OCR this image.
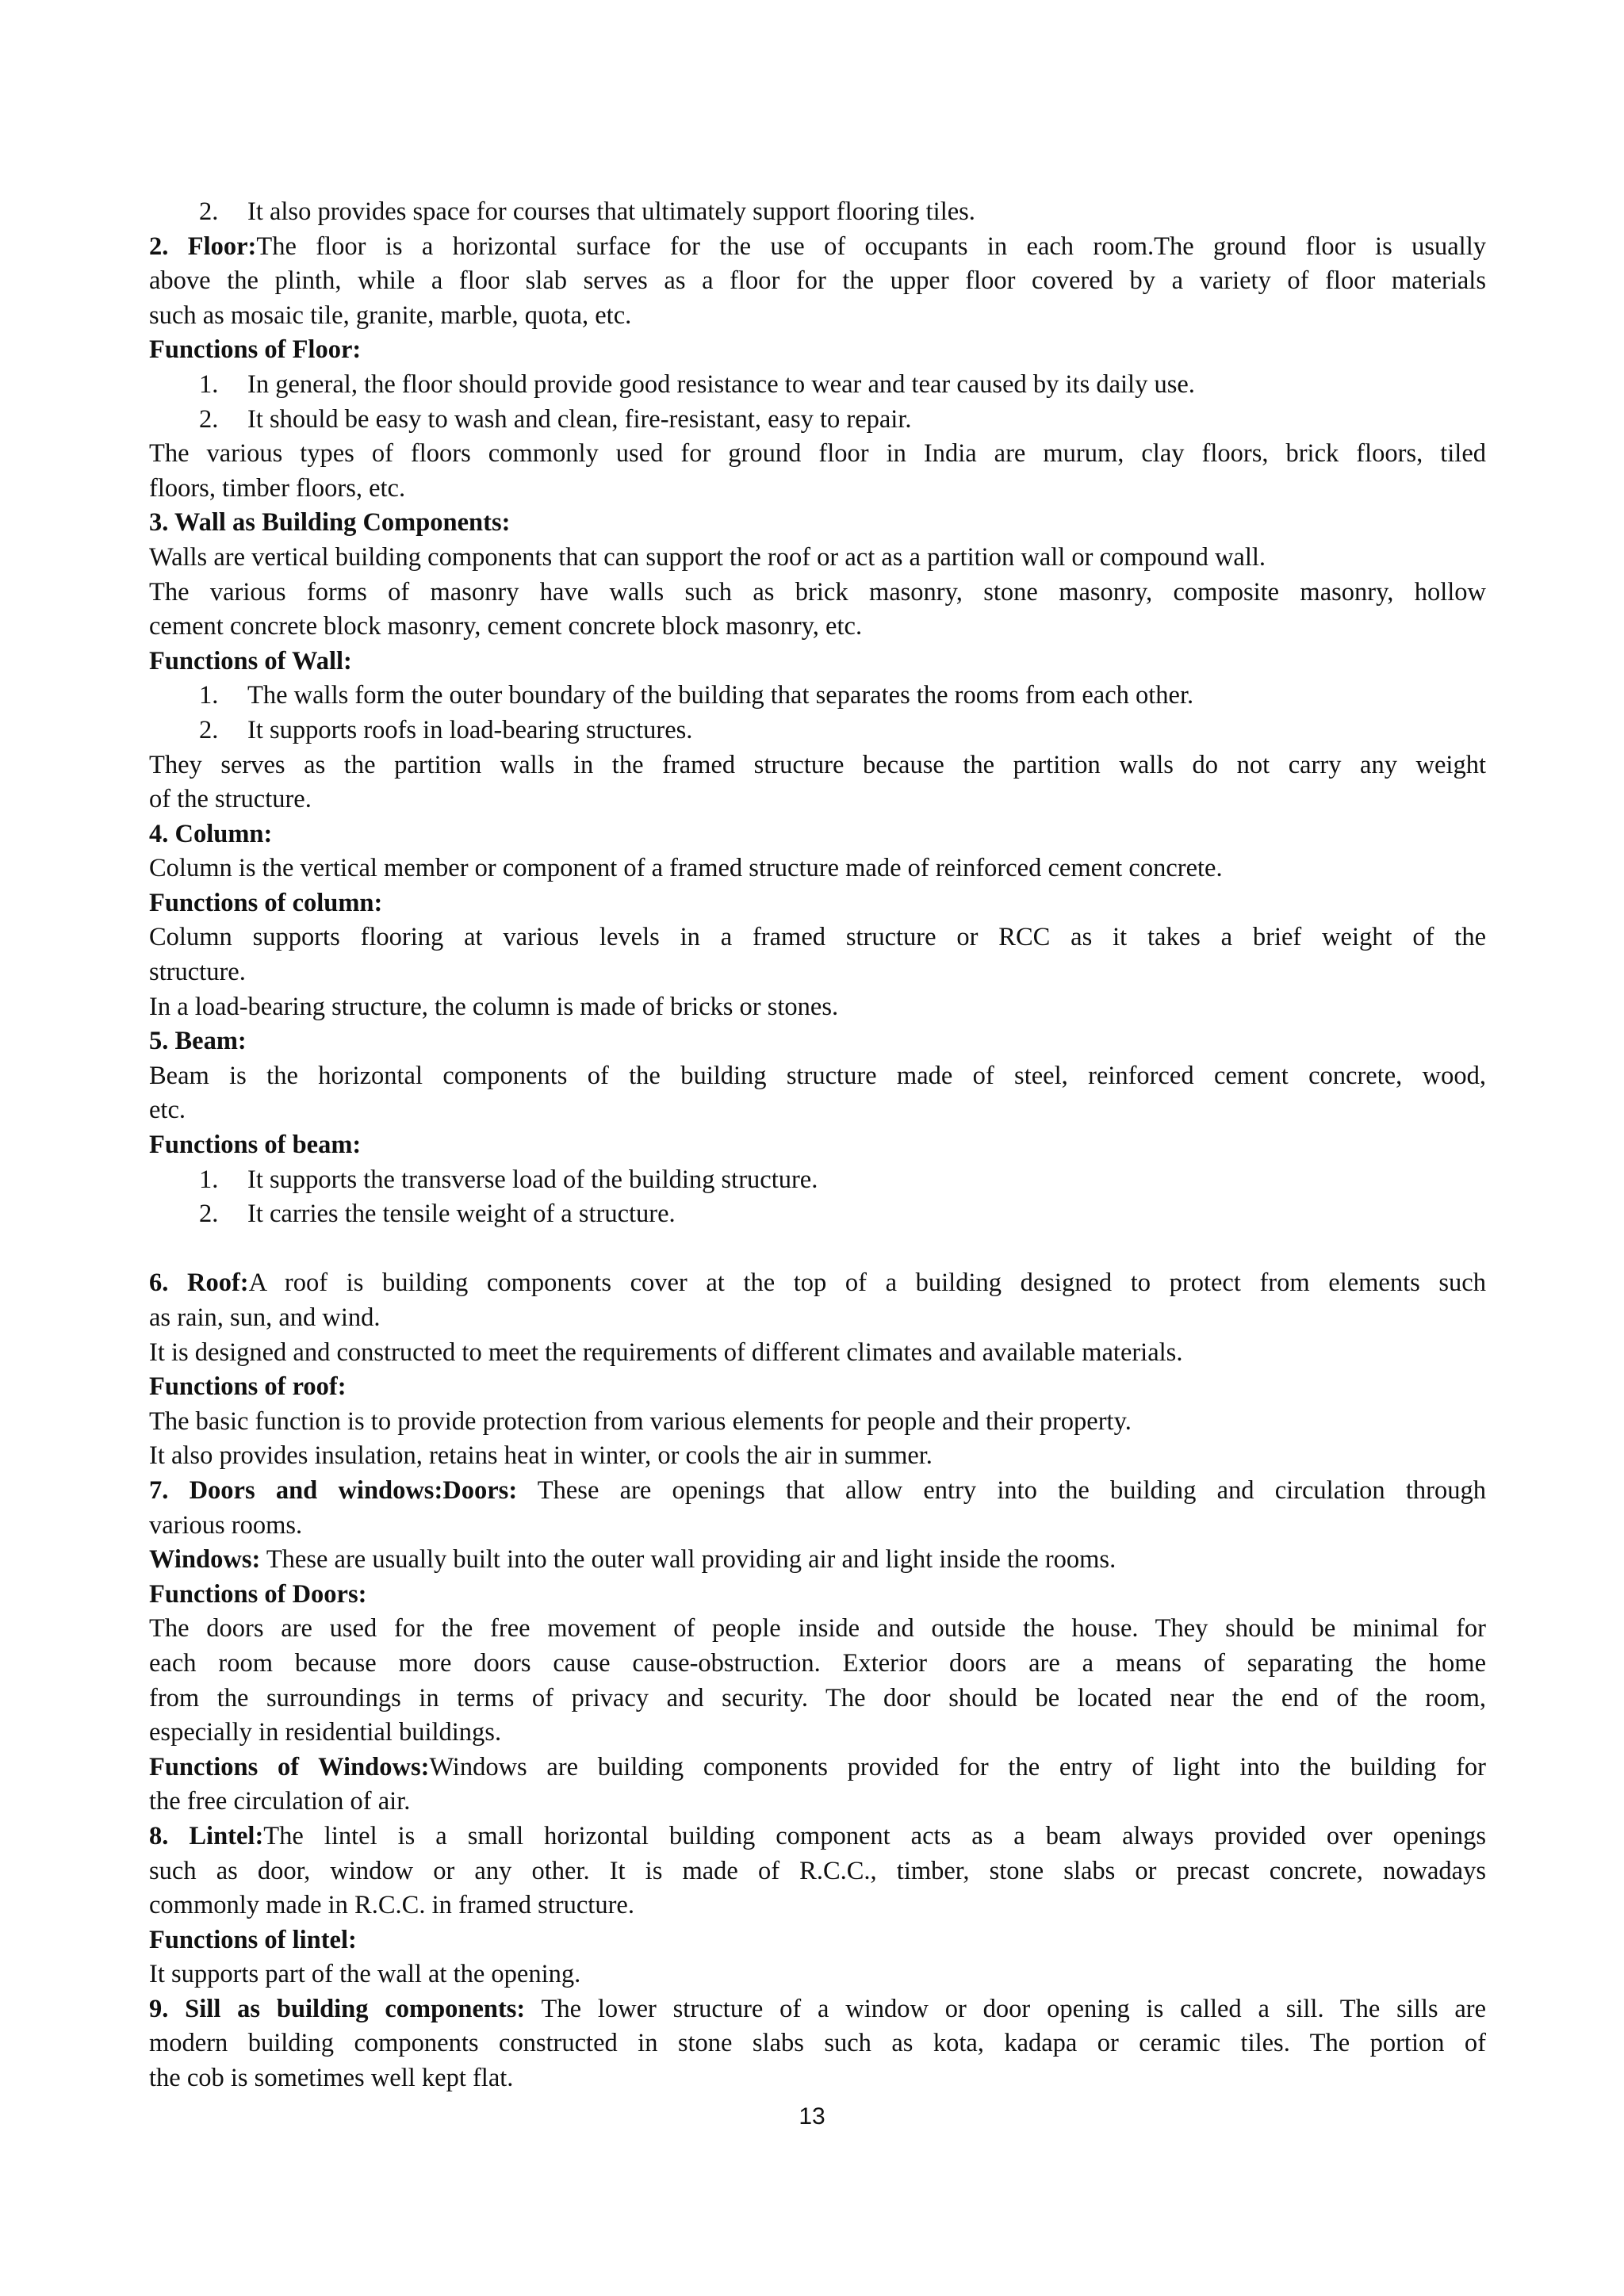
2. It also provides space for courses that ultimately support flooring tiles.
2. Floor:The floor is a horizontal surface for the use of occupants in each room.The ground floor is usually
above the plinth, while a floor slab serves as a floor for the upper floor covered by a variety of floor materials
such as mosaic tile, granite, marble, quota, etc.
Functions of Floor:
1. In general, the floor should provide good resistance to wear and tear caused by its daily use.
2. It should be easy to wash and clean, fire-resistant, easy to repair.
The various types of floors commonly used for ground floor in India are murum, clay floors, brick floors, tiled
floors, timber floors, etc.
3. Wall as Building Components:
Walls are vertical building components that can support the roof or act as a partition wall or compound wall.
The various forms of masonry have walls such as brick masonry, stone masonry, composite masonry, hollow
cement concrete block masonry, cement concrete block masonry, etc.
Functions of Wall:
1. The walls form the outer boundary of the building that separates the rooms from each other.
2. It supports roofs in load-bearing structures.
They serves as the partition walls in the framed structure because the partition walls do not carry any weight
of the structure.
4. Column:
Column is the vertical member or component of a framed structure made of reinforced cement concrete.
Functions of column:
Column supports flooring at various levels in a framed structure or RCC as it takes a brief weight of the
structure.
In a load-bearing structure, the column is made of bricks or stones.
5. Beam:
Beam is the horizontal components of the building structure made of steel, reinforced cement concrete, wood,
etc.
Functions of beam:
1. It supports the transverse load of the building structure.
2. It carries the tensile weight of a structure.
6. Roof:A roof is building components cover at the top of a building designed to protect from elements such
as rain, sun, and wind.
It is designed and constructed to meet the requirements of different climates and available materials.
Functions of roof:
The basic function is to provide protection from various elements for people and their property.
It also provides insulation, retains heat in winter, or cools the air in summer.
7. Doors and windows:Doors: These are openings that allow entry into the building and circulation through
various rooms.
Windows: These are usually built into the outer wall providing air and light inside the rooms.
Functions of Doors:
The doors are used for the free movement of people inside and outside the house. They should be minimal for
each room because more doors cause cause-obstruction. Exterior doors are a means of separating the home
from the surroundings in terms of privacy and security. The door should be located near the end of the room,
especially in residential buildings.
Functions of Windows:Windows are building components provided for the entry of light into the building for
the free circulation of air.
8. Lintel:The lintel is a small horizontal building component acts as a beam always provided over openings
such as door, window or any other. It is made of R.C.C., timber, stone slabs or precast concrete, nowadays
commonly made in R.C.C. in framed structure.
Functions of lintel:
It supports part of the wall at the opening.
9. Sill as building components: The lower structure of a window or door opening is called a sill. The sills are
modern building components constructed in stone slabs such as kota, kadapa or ceramic tiles. The portion of
the cob is sometimes well kept flat.
13
